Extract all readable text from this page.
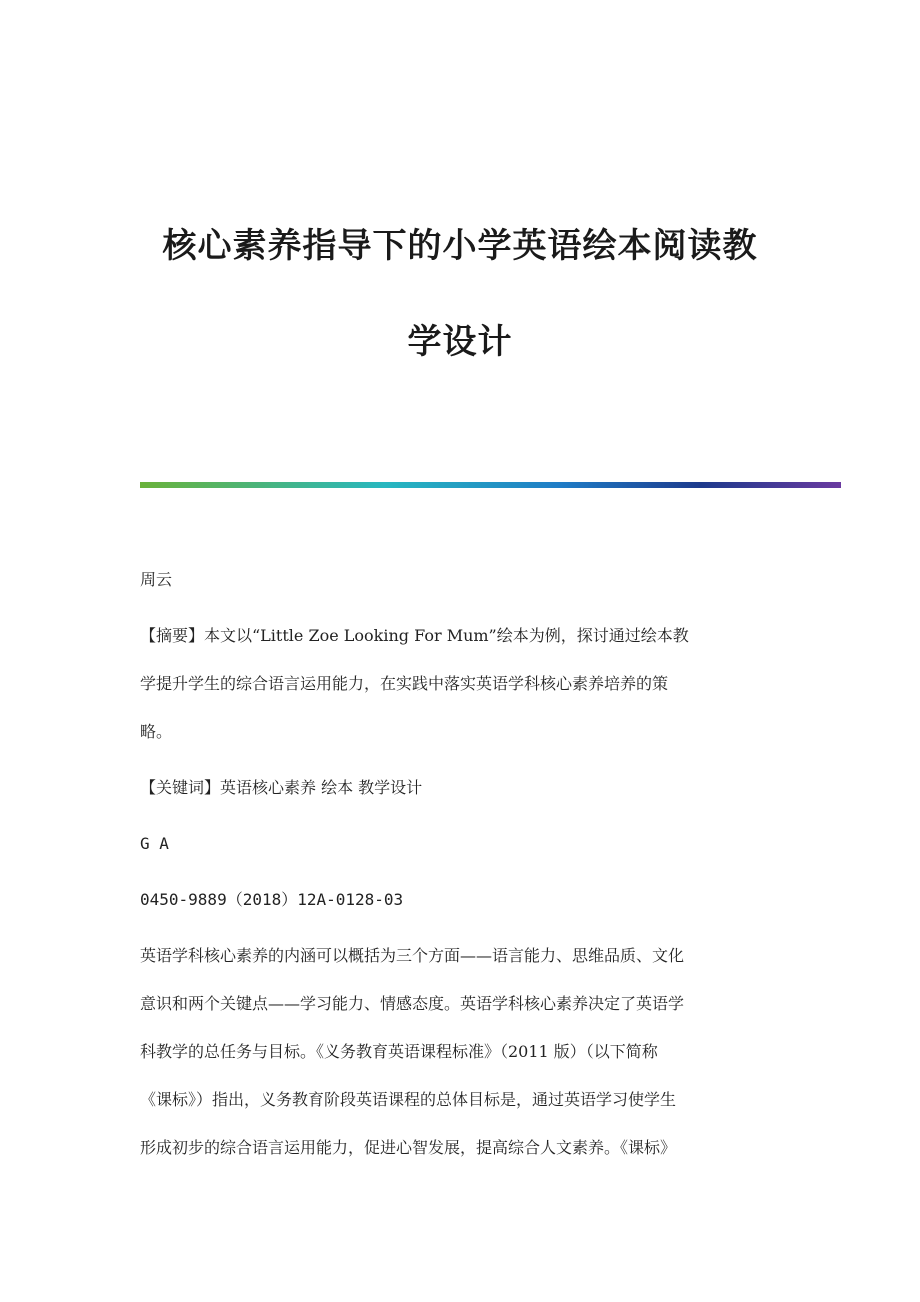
核心素养指导下的小学英语绘本阅读教
学设计
周云
【摘要】本文以“Little Zoe Looking For Mum”绘本为例，探讨通过绘本教
学提升学生的综合语言运用能力，在实践中落实英语学科核心素养培养的策
略。
【关键词】英语核心素养 绘本 教学设计
G A
0450-9889（2018）12A-0128-03
英语学科核心素养的内涵可以概括为三个方面——语言能力、思维品质、文化
意识和两个关键点——学习能力、情感态度。英语学科核心素养决定了英语学
科教学的总任务与目标。《义务教育英语课程标准》（2011 版）（以下简称
《课标》）指出，义务教育阶段英语课程的总体目标是，通过英语学习使学生
形成初步的综合语言运用能力，促进心智发展，提高综合人文素养。《课标》
